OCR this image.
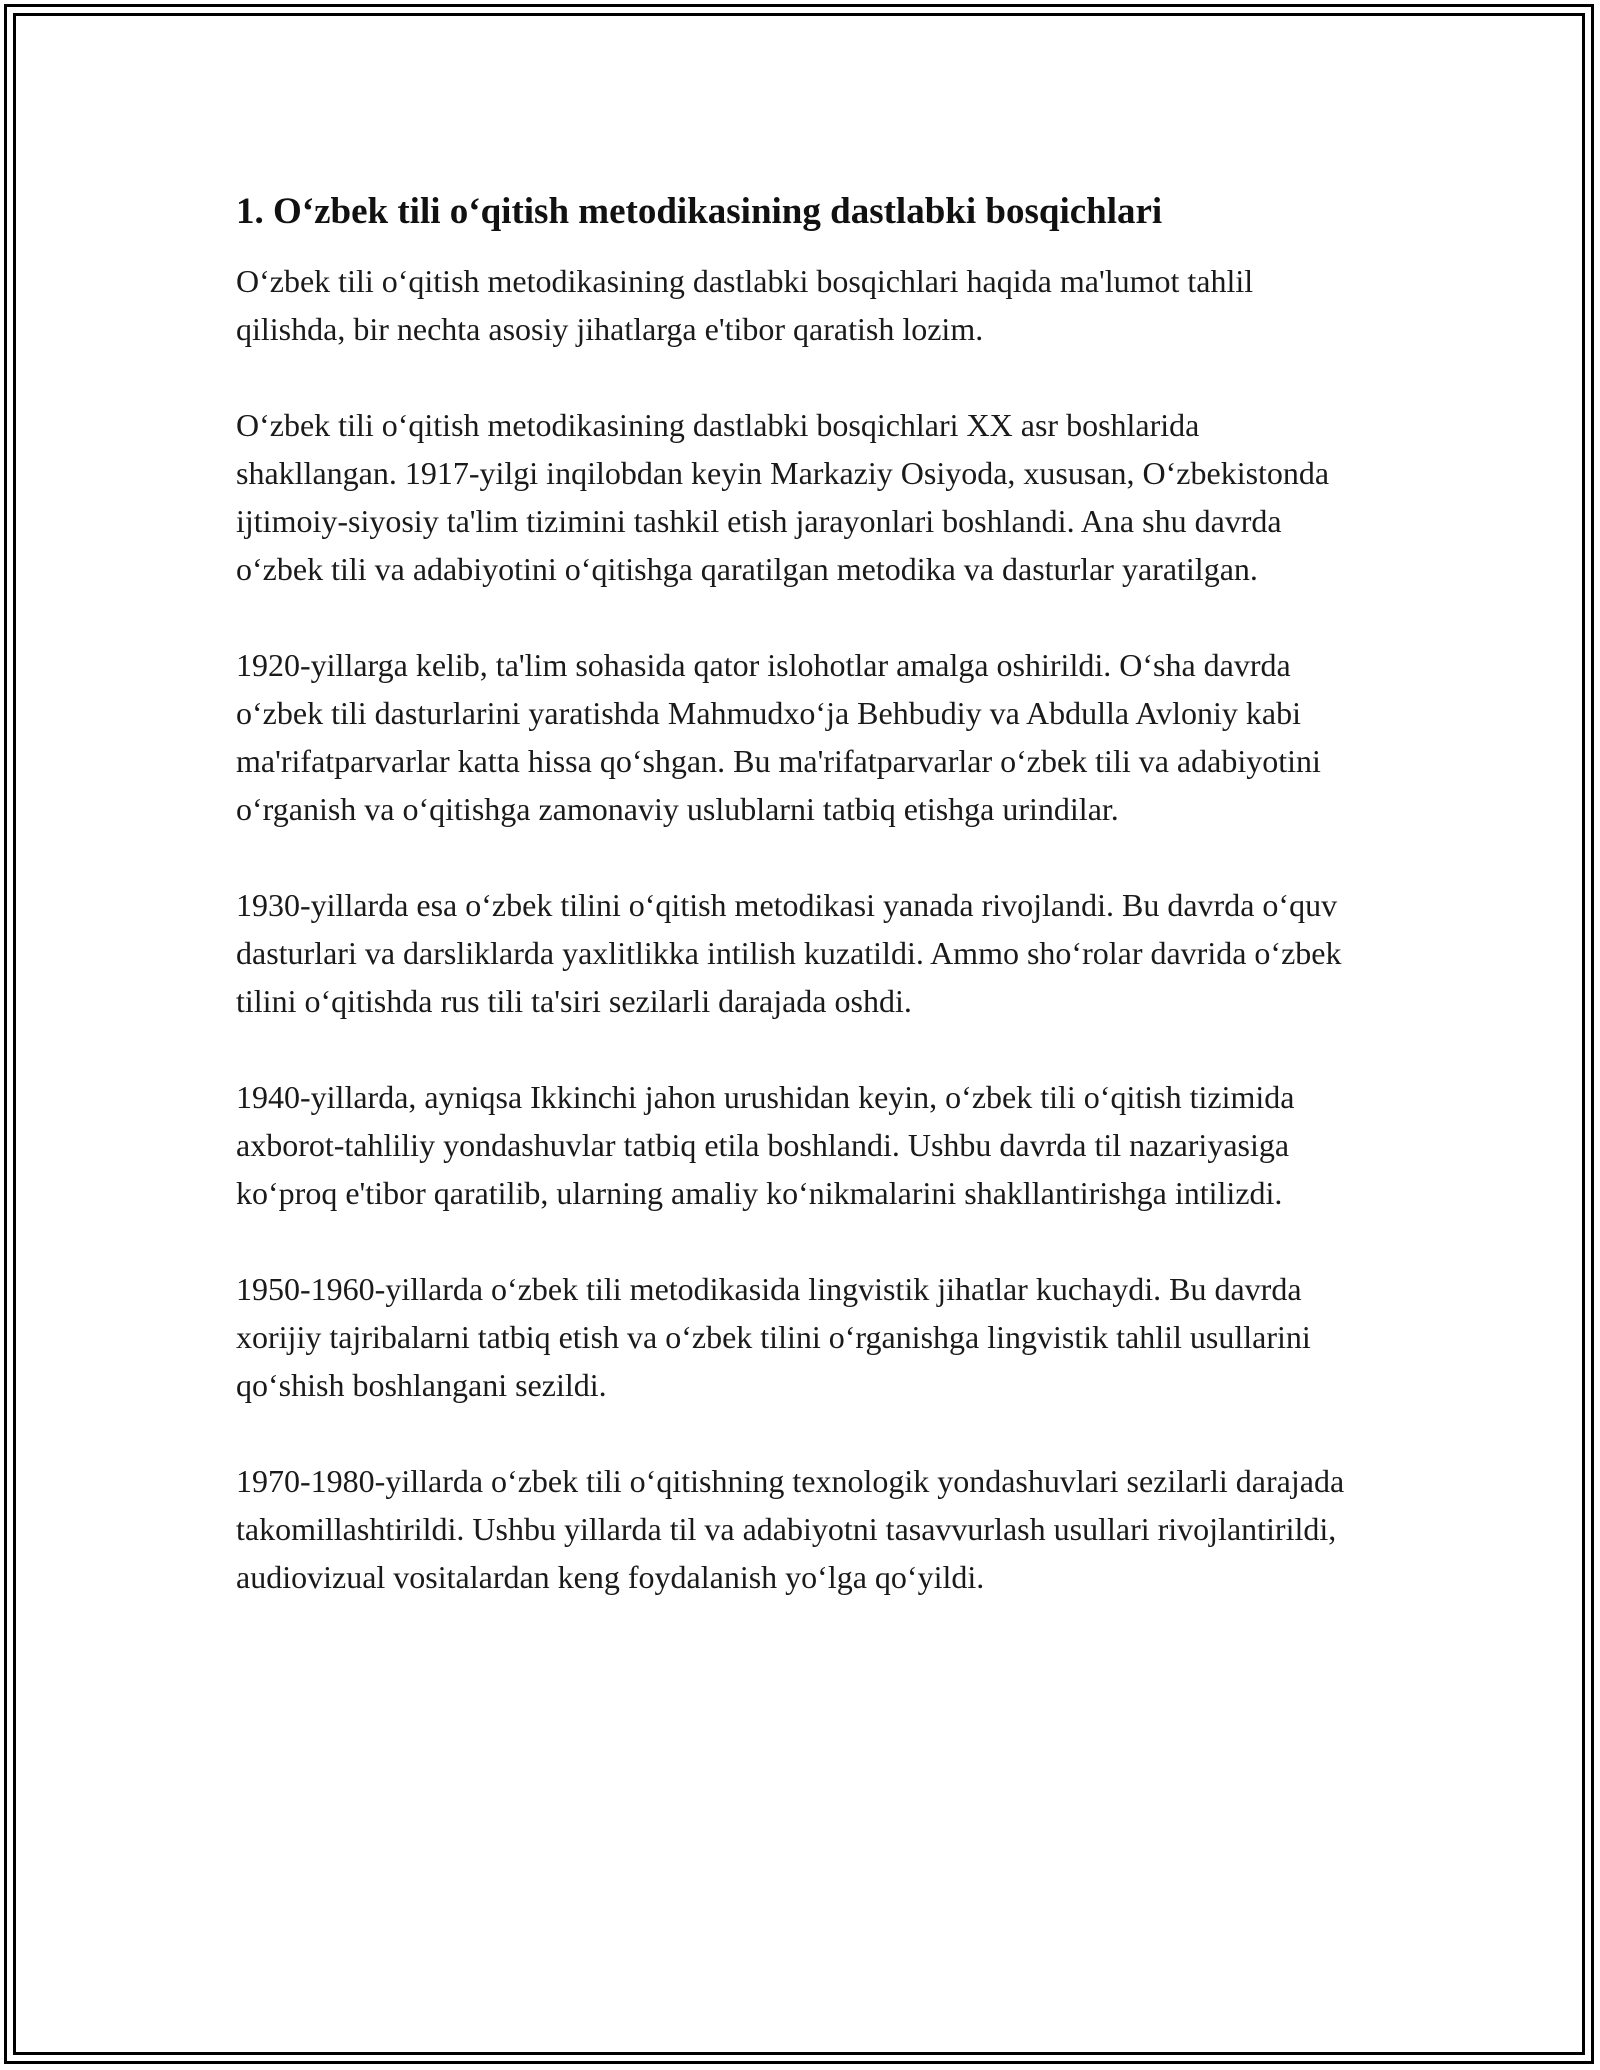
1. O‘zbek tili o‘qitish metodikasining dastlabki bosqichlari

O‘zbek tili o‘qitish metodikasining dastlabki bosqichlari haqida ma'lumot tahlil qilishda, bir nechta asosiy jihatlarga e'tibor qaratish lozim.

O‘zbek tili o‘qitish metodikasining dastlabki bosqichlari XX asr boshlarida shakllangan. 1917-yilgi inqilobdan keyin Markaziy Osiyoda, xususan, O‘zbekistonda ijtimoiy-siyosiy ta'lim tizimini tashkil etish jarayonlari boshlandi. Ana shu davrda o‘zbek tili va adabiyotini o‘qitishga qaratilgan metodika va dasturlar yaratilgan.

1920-yillarga kelib, ta'lim sohasida qator islohotlar amalga oshirildi. O‘sha davrda o‘zbek tili dasturlarini yaratishda Mahmudxo‘ja Behbudiy va Abdulla Avloniy kabi ma'rifatparvarlar katta hissa qo‘shgan. Bu ma'rifatparvarlar o‘zbek tili va adabiyotini o‘rganish va o‘qitishga zamonaviy uslublarni tatbiq etishga urindilar.

1930-yillarda esa o‘zbek tilini o‘qitish metodikasi yanada rivojlandi. Bu davrda o‘quv dasturlari va darsliklarda yaxlitlikka intilish kuzatildi. Ammo sho‘rolar davrida o‘zbek tilini o‘qitishda rus tili ta'siri sezilarli darajada oshdi.

1940-yillarda, ayniqsa Ikkinchi jahon urushidan keyin, o‘zbek tili o‘qitish tizimida axborot-tahliliy yondashuvlar tatbiq etila boshlandi. Ushbu davrda til nazariyasiga ko‘proq e'tibor qaratilib, ularning amaliy ko‘nikmalarini shakllantirishga intilizdi.

1950-1960-yillarda o‘zbek tili metodikasida lingvistik jihatlar kuchaydi. Bu davrda xorijiy tajribalarni tatbiq etish va o‘zbek tilini o‘rganishga lingvistik tahlil usullarini qo‘shish boshlangani sezildi.

1970-1980-yillarda o‘zbek tili o‘qitishning texnologik yondashuvlari sezilarli darajada takomillashtirildi. Ushbu yillarda til va adabiyotni tasavvurlash usullari rivojlantirildi, audiovizual vositalardan keng foydalanish yo‘lga qo‘yildi.
